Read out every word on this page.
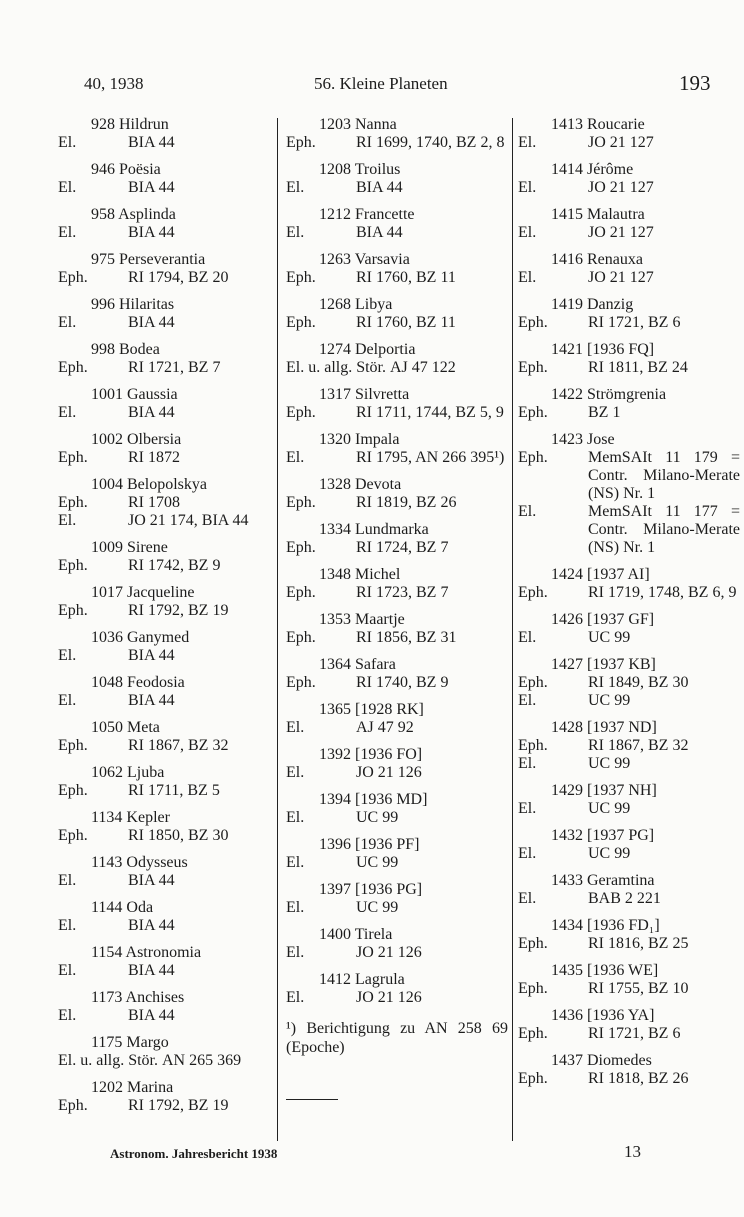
40, 1938	56. Kleine Planeten	193
928 Hildrun
El.	BIA 44
946 Poësia
El.	BIA 44
958 Asplinda
El.	BIA 44
975 Perseverantia
Eph.	RI 1794, BZ 20
996 Hilaritas
El.	BIA 44
998 Bodea
Eph.	RI 1721, BZ 7
1001 Gaussia
El.	BIA 44
1002 Olbersia
Eph.	RI 1872
1004 Belopolskya
Eph.	RI 1708
El.	JO 21 174, BIA 44
1009 Sirene
Eph.	RI 1742, BZ 9
1017 Jacqueline
Eph.	RI 1792, BZ 19
1036 Ganymed
El.	BIA 44
1048 Feodosia
El.	BIA 44
1050 Meta
Eph.	RI 1867, BZ 32
1062 Ljuba
Eph.	RI 1711, BZ 5
1134 Kepler
Eph.	RI 1850, BZ 30
1143 Odysseus
El.	BIA 44
1144 Oda
El.	BIA 44
1154 Astronomia
El.	BIA 44
1173 Anchises
El.	BIA 44
1175 Margo
El. u. allg. Stör. AN 265 369
1202 Marina
Eph.	RI 1792, BZ 19
1203 Nanna
Eph.	RI 1699, 1740, BZ 2, 8
1208 Troilus
El.	BIA 44
1212 Francette
El.	BIA 44
1263 Varsavia
Eph.	RI 1760, BZ 11
1268 Libya
Eph.	RI 1760, BZ 11
1274 Delportia
El. u. allg. Stör. AJ 47 122
1317 Silvretta
Eph.	RI 1711, 1744, BZ 5, 9
1320 Impala
El.	RI 1795, AN 266 395¹)
1328 Devota
Eph.	RI 1819, BZ 26
1334 Lundmarka
Eph.	RI 1724, BZ 7
1348 Michel
Eph.	RI 1723, BZ 7
1353 Maartje
Eph.	RI 1856, BZ 31
1364 Safara
Eph.	RI 1740, BZ 9
1365 [1928 RK]
El.	AJ 47 92
1392 [1936 FO]
El.	JO 21 126
1394 [1936 MD]
El.	UC 99
1396 [1936 PF]
El.	UC 99
1397 [1936 PG]
El.	UC 99
1400 Tirela
El.	JO 21 126
1412 Lagrula
El.	JO 21 126
¹) Berichtigung zu AN 258 69 (Epoche)
1413 Roucarie
El.	JO 21 127
1414 Jérôme
El.	JO 21 127
1415 Malautra
El.	JO 21 127
1416 Renauxa
El.	JO 21 127
1419 Danzig
Eph.	RI 1721, BZ 6
1421 [1936 FQ]
Eph.	RI 1811, BZ 24
1422 Strömgrenia
Eph.	BZ 1
1423 Jose
Eph.	MemSAIt 11 179 = Contr. Milano-Merate (NS) Nr. 1
El.	MemSAIt 11 177 = Contr. Milano-Merate (NS) Nr. 1
1424 [1937 AI]
Eph.	RI 1719, 1748, BZ 6, 9
1426 [1937 GF]
El.	UC 99
1427 [1937 KB]
Eph.	RI 1849, BZ 30
El.	UC 99
1428 [1937 ND]
Eph.	RI 1867, BZ 32
El.	UC 99
1429 [1937 NH]
El.	UC 99
1432 [1937 PG]
El.	UC 99
1433 Geramtina
El.	BAB 2 221
1434 [1936 FD₁]
Eph.	RI 1816, BZ 25
1435 [1936 WE]
Eph.	RI 1755, BZ 10
1436 [1936 YA]
Eph.	RI 1721, BZ 6
1437 Diomedes
Eph.	RI 1818, BZ 26
Astronom. Jahresbericht 1938	13
